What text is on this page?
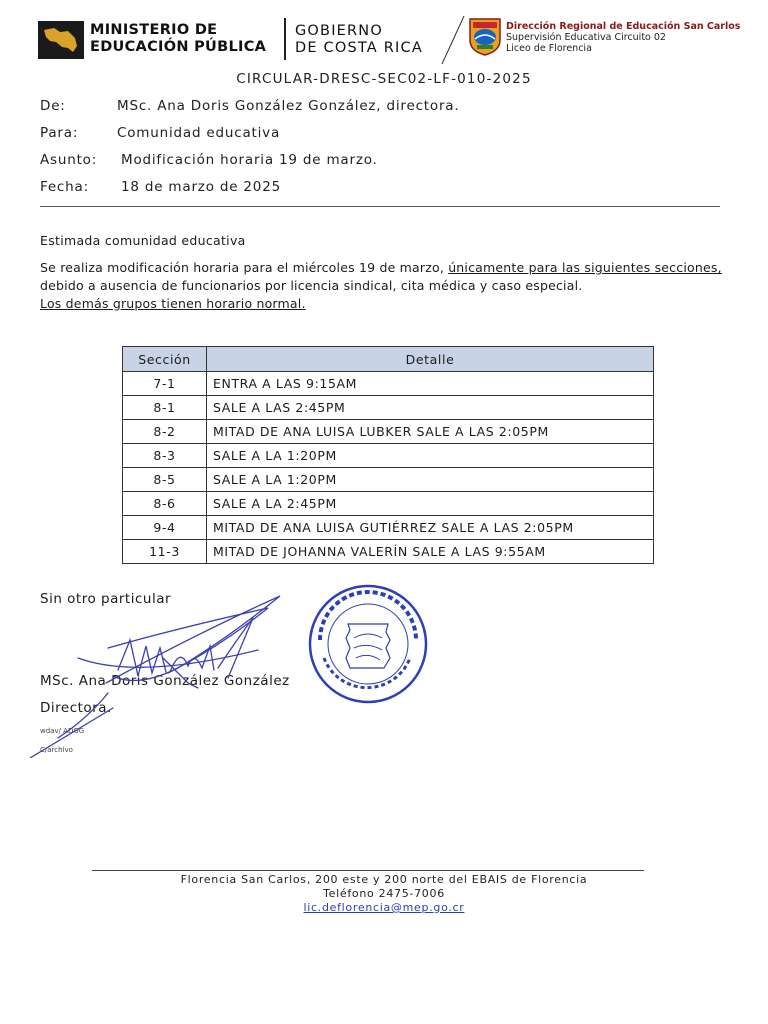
MINISTERIO DE
EDUCACIÓN PÚBLICA
GOBIERNO
DE COSTA RICA
Dirección Regional de Educación San Carlos
Supervisión Educativa Circuito 02
Liceo de Florencia
CIRCULAR-DRESC-SEC02-LF-010-2025
De:	MSc. Ana Doris González González, directora.
Para:	Comunidad educativa
Asunto: Modificación horaria 19 de marzo.
Fecha: 18 de marzo de 2025
Estimada comunidad educativa
Se realiza modificación horaria para el miércoles 19 de marzo, únicamente para las siguientes secciones, debido a ausencia de funcionarios por licencia sindical, cita médica y caso especial.
Los demás grupos tienen horario normal.
Sección	Detalle
7-1	ENTRA A LAS 9:15AM
8-1	SALE A LAS 2:45PM
8-2	MITAD DE ANA LUISA LUBKER SALE A LAS 2:05PM
8-3	SALE A LA 1:20PM
8-5	SALE A LA 1:20PM
8-6	SALE A LA 2:45PM
9-4	MITAD DE ANA LUISA GUTIÉRREZ SALE A LAS 2:05PM
11-3	MITAD DE JOHANNA VALERÍN SALE A LAS 9:55AM
Sin otro particular
MSc. Ana Doris González González
Directora.
wdav/ ADGG
C/archivo
Florencia San Carlos, 200 este y 200 norte del EBAIS de Florencia
Teléfono 2475-7006
lic.deflorencia@mep.go.cr
